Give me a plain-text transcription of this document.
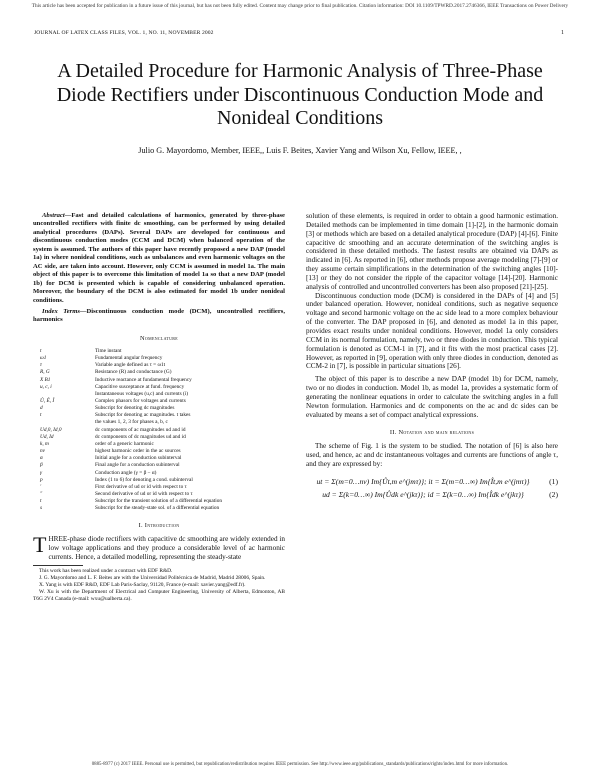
This article has been accepted for publication in a future issue of this journal, but has not been fully edited. Content may change prior to final publication. Citation information: DOI 10.1109/TPWRD.2017.2746366, IEEE Transactions on Power Delivery
JOURNAL OF LATEX CLASS FILES, VOL. 1, NO. 11, NOVEMBER 2002	1
A Detailed Procedure for Harmonic Analysis of Three-Phase Diode Rectifiers under Discontinuous Conduction Mode and Nonideal Conditions
Julio G. Mayordomo, Member, IEEE,, Luis F. Beites, Xavier Yang and Wilson Xu, Fellow, IEEE, ,

Abstract—Fast and detailed calculations of harmonics, generated by three-phase uncontrolled rectifiers with finite dc smoothing, can be performed by using detailed analytical procedures (DAPs). Several DAPs are developed for continuous and discontinuous conduction modes (CCM and DCM) when balanced operation of the system is assumed. The authors of this paper have recently proposed a new DAP (model 1a) in where nonideal conditions, such as unbalances and even harmonic voltages on the AC side, are taken into account. However, only CCM is assumed in model 1a. The main object of this paper is to overcome this limitation of model 1a so that a new DAP (model 1b) for DCM is presented which is capable of considering unbalanced operation. Moreover, the boundary of the DCM is also estimated for model 1b under nonideal conditions.

Index Terms—Discontinuous conduction mode (DCM), uncontrolled rectifiers, harmonics

Nomenclature
t	Time instant
ω1	Fundamental angular frequency
τ	Variable angle defined as τ = ω1t
R, G	Resistance (R) and conductance (G)
X B1	Inductive reactance at fundamental frequency
u, c, i	Capacitive susceptance at fund. frequency
Instantaneous voltages (u,c) and currents (i)
Û, Ê, Î	Complex phasors for voltages and currents
d	Subscript for denoting dc magnitudes
t	Subscript for denoting ac magnitudes. t takes
the values 1, 2, 3 for phases a, b, c
Ud,0, Id,0	dc components of ac magnitudes ud and id
Ud, Id	dc components of dc magnitudes ud and id
k, m	order of a generic harmonic
nv	highest harmonic order in the ac sources
α	Initial angle for a conduction subinterval
β	Final angle for a conduction subinterval
γ	Conduction angle (γ = β − α)
p	Index (1 to 6) for denoting a cond. subinterval
′	First derivative of ud or id with respect to τ
″	Second derivative of ud or id with respect to τ
t	Subscript for the transient solution of a differential equation
s	Subscript for the steady-state sol. of a differential equation
I. Introduction

THREE-phase diode rectifiers with capacitive dc smoothing are widely extended in low voltage applications and they produce a considerable level of ac harmonic currents. Hence, a detailed modelling, representing the steady-state

This work has been realized under a contract with EDF R&D.

J. G. Mayordomo and L. F. Beites are with the Universidad Politécnica de Madrid, Madrid 28006, Spain.

X. Yang is with EDF R&D, EDF Lab Paris-Saclay, 91120, France (e-mail: xavier.yang@edf.fr).

W. Xu is with the Department of Electrical and Computer Engineering, University of Alberta, Edmonton, AB T6G 2V4 Canada (e-mail: wxu@ualberta.ca).

solution of these elements, is required in order to obtain a good harmonic estimation. Detailed methods can be implemented in time domain [1]-[2], in the harmonic domain [3] or methods which are based on a detailed analytical procedure (DAP) [4]-[6]. Finite capacitive dc smoothing and an accurate determination of the switching angles is considered in these detailed methods. The fastest results are obtained via DAPs as indicated in [6]. As reported in [6], other methods propose average modeling [7]-[9] or they assume certain simplifications in the determination of the switching angles [10]-[13] or they do not consider the ripple of the capacitor voltage [14]-[20]. Harmonic analysis of controlled and uncontrolled converters has been also proposed [21]-[25].

Discontinuous conduction mode (DCM) is considered in the DAPs of [4] and [5] under balanced operation. However, nonideal conditions, such as negative sequence voltage and second harmonic voltage on the ac side lead to a more complex behaviour of the converter. The DAP proposed in [6], and denoted as model 1a in this paper, provides exact results under nonideal conditions. However, model 1a only considers CCM in its normal formulation, namely, two or three diodes in conduction. This typical formulation is denoted as CCM-1 in [7], and it fits with the most practical cases [2]. However, as reported in [9], operation with only three diodes in conduction, denoted as CCM-2 in [7], is possible in particular situations [26].

The object of this paper is to describe a new DAP (model 1b) for DCM, namely, two or no diodes in conduction. Model 1b, as model 1a, provides a systematic form of generating the nonlinear equations in order to calculate the switching angles in a full Newton formulation. Harmonics and dc components on the ac and dc sides can be evaluated by means a set of compact analytical expressions.

II. Notation and main relations

The scheme of Fig. 1 is the system to be studied. The notation of [6] is also here used, and hence, ac and dc instantaneous voltages and currents are functions of angle τ, and they are expressed by:

ut = Σ(m=0…nv) Im{Ût,m e^(jmτ)}; it = Σ(m=0…∞) Im{Ît,m e^(jmτ)}	(1)
ud = Σ(k=0…∞) Im{Ûdk e^(jkτ)}; id = Σ(k=0…∞) Im{Îdk e^(jkτ)}	(2)
0885-8977 (c) 2017 IEEE. Personal use is permitted, but republication/redistribution requires IEEE permission. See http://www.ieee.org/publications_standards/publications/rights/index.html for more information.
